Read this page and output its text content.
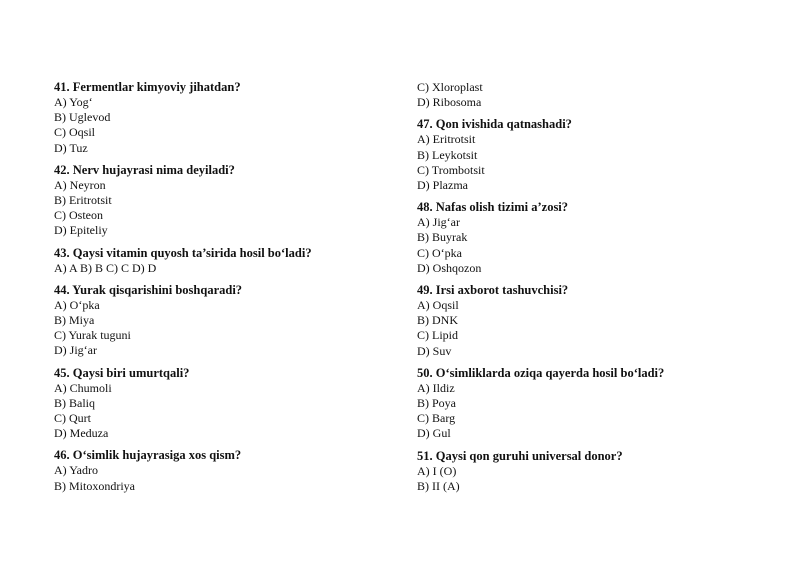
41. Fermentlar kimyoviy jihatdan?
A) Yog‘
B) Uglevod
C) Oqsil
D) Tuz
42. Nerv hujayrasi nima deyiladi?
A) Neyron
B) Eritrotsit
C) Osteon
D) Epiteliy
43. Qaysi vitamin quyosh ta’sirida hosil bo‘ladi?
A) A B) B C) C D) D
44. Yurak qisqarishini boshqaradi?
A) O‘pka
B) Miya
C) Yurak tuguni
D) Jig‘ar
45. Qaysi biri umurtqali?
A) Chumoli
B) Baliq
C) Qurt
D) Meduza
46. O‘simlik hujayrasiga xos qism?
A) Yadro
B) Mitoxondriya
C) Xloroplast
D) Ribosoma
47. Qon ivishida qatnashadi?
A) Eritrotsit
B) Leykotsit
C) Trombotsit
D) Plazma
48. Nafas olish tizimi a’zosi?
A) Jig‘ar
B) Buyrak
C) O‘pka
D) Oshqozon
49. Irsi axborot tashuvchisi?
A) Oqsil
B) DNK
C) Lipid
D) Suv
50. O‘simliklarda oziqa qayerda hosil bo‘ladi?
A) Ildiz
B) Poya
C) Barg
D) Gul
51. Qaysi qon guruhi universal donor?
A) I (O)
B) II (A)
